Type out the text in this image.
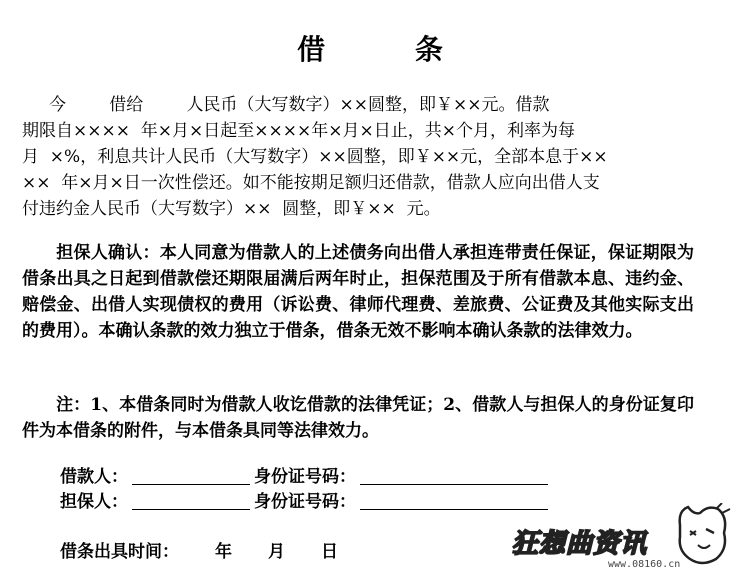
借 条
今        借给        人民币（大写数字）××圆整，即￥××元。借款
期限自××××  年×月×日起至××××年×月×日止，共×个月，利率为每
月  ×%，利息共计人民币（大写数字）××圆整，即￥××元，全部本息于××
××  年×月×日一次性偿还。如不能按期足额归还借款，借款人应向出借人支
付违约金人民币（大写数字）××  圆整，即￥××  元。
担保人确认：本人同意为借款人的上述债务向出借人承担连带责任保证，保证期限为借条出具之日起到借款偿还期限届满后两年时止，担保范围及于所有借款本息、违约金、赔偿金、出借人实现债权的费用（诉讼费、律师代理费、差旅费、公证费及其他实际支出的费用）。本确认条款的效力独立于借条，借条无效不影响本确认条款的法律效力。
注：1、本借条同时为借款人收讫借款的法律凭证；2、借款人与担保人的身份证复印件为本借条的附件，与本借条具同等法律效力。
借款人：	身份证号码：
担保人：	身份证号码：
借条出具时间： 年 月 日	狂想曲资讯
www.08160.cn
